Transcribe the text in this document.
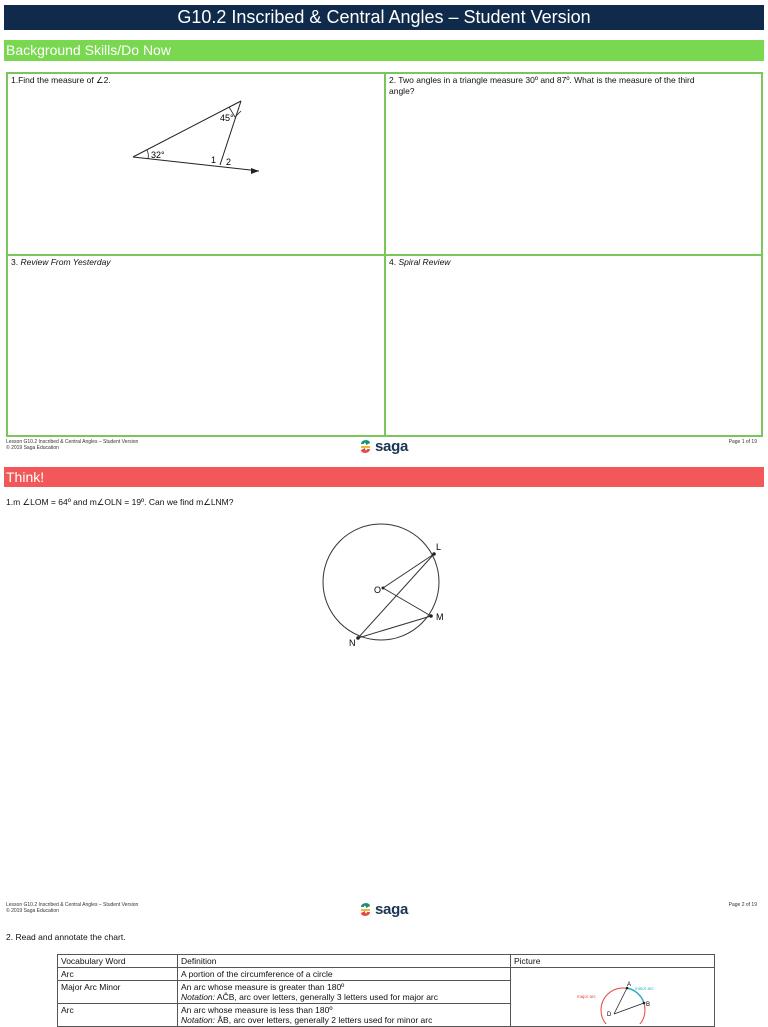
G10.2 Inscribed & Central Angles – Student Version
Background Skills/Do Now
1.Find the measure of ∠2.
45°
32°	1 2
2. Two angles in a triangle measure 30º and 87º. What is the measure of the third
angle?
3. Review From Yesterday	4. Spiral Review
Lesson G10.2 Inscribed & Central Angles – Student Version
© 2019 Saga Education	saga	Page 1 of 19
Think!
1.m ∠LOM = 64º and m∠OLN = 19º. Can we find m∠LNM?
L
O
M
N
Lesson G10.2 Inscribed & Central Angles – Student Version
© 2019 Saga Education	saga	Page 2 of 19
2. Read and annotate the chart.
Vocabulary Word	Definition	Picture
Arc	A portion of the circumference of a circle	A
B
D
major arc
minor arc

Major Arc Minor	An arc whose measure is greater than 180º
Notation: AĈB, arc over letters, generally 3 letters used for major arc	

Arc	An arc whose measure is less than 180º
Notation: ÂB, arc over letters, generally 2 letters used for minor arc	
